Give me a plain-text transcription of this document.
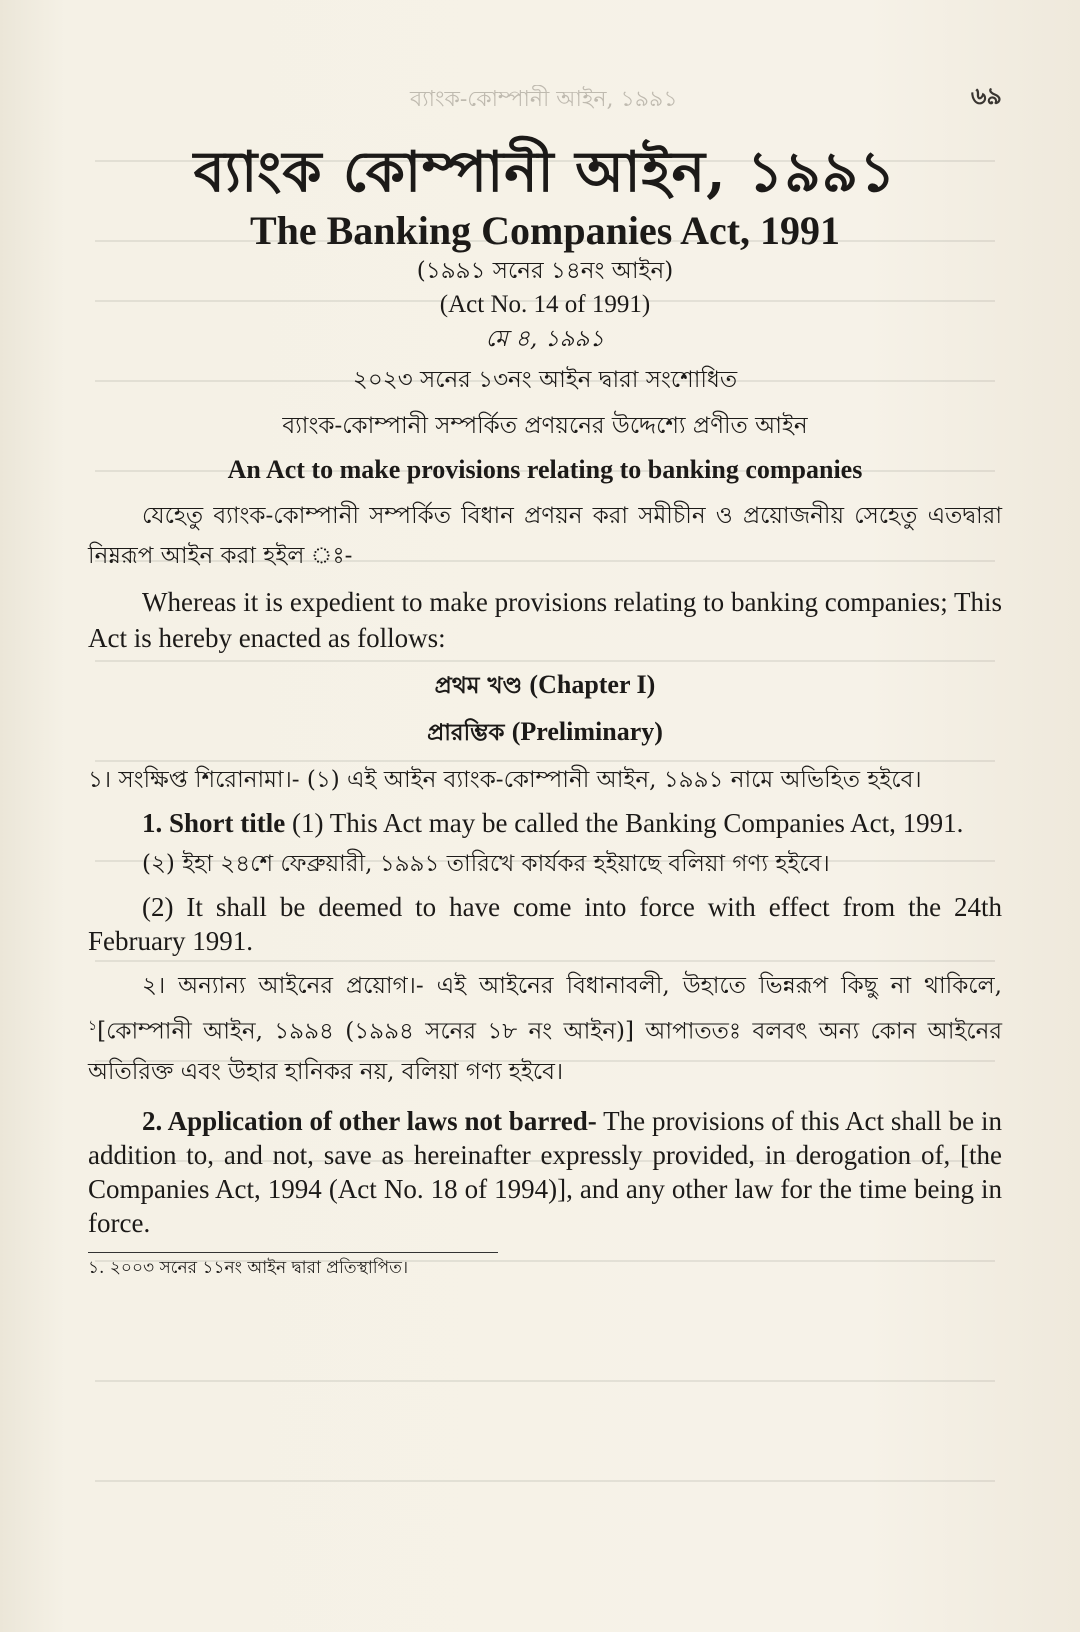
ব্যাংক-কোম্পানী আইন, ১৯৯১	৬৯
ব্যাংক কোম্পানী আইন, ১৯৯১
The Banking Companies Act, 1991
(১৯৯১ সনের ১৪নং আইন)
(Act No. 14 of 1991)
মে ৪, ১৯৯১
২০২৩ সনের ১৩নং আইন দ্বারা সংশোধিত
ব্যাংক-কোম্পানী সম্পর্কিত প্রণয়নের উদ্দেশ্যে প্রণীত আইন
An Act to make provisions relating to banking companies
যেহেতু ব্যাংক-কোম্পানী সম্পর্কিত বিধান প্রণয়ন করা সমীচীন ও প্রয়োজনীয় সেহেতু এতদ্বারা নিম্নরূপ আইন করা হইল ঃ-
Whereas it is expedient to make provisions relating to banking companies; This Act is hereby enacted as follows:
প্রথম খণ্ড (Chapter I)
প্রারম্ভিক (Preliminary)
১। সংক্ষিপ্ত শিরোনামা।- (১) এই আইন ব্যাংক-কোম্পানী আইন, ১৯৯১ নামে অভিহিত হইবে।
1. Short title (1) This Act may be called the Banking Companies Act, 1991.
(২) ইহা ২৪শে ফেব্রুয়ারী, ১৯৯১ তারিখে কার্যকর হইয়াছে বলিয়া গণ্য হইবে।
(2) It shall be deemed to have come into force with effect from the 24th February 1991.
২। অন্যান্য আইনের প্রয়োগ।- এই আইনের বিধানাবলী, উহাতে ভিন্নরূপ কিছু না থাকিলে, $^১$[কোম্পানী আইন, ১৯৯৪ (১৯৯৪ সনের ১৮ নং আইন)] আপাততঃ বলবৎ অন্য কোন আইনের অতিরিক্ত এবং উহার হানিকর নয়, বলিয়া গণ্য হইবে।
2. Application of other laws not barred- The provisions of this Act shall be in addition to, and not, save as hereinafter expressly provided, in derogation of, [the Companies Act, 1994 (Act No. 18 of 1994)], and any other law for the time being in force.
১. ২০০৩ সনের ১১নং আইন দ্বারা প্রতিস্থাপিত।
